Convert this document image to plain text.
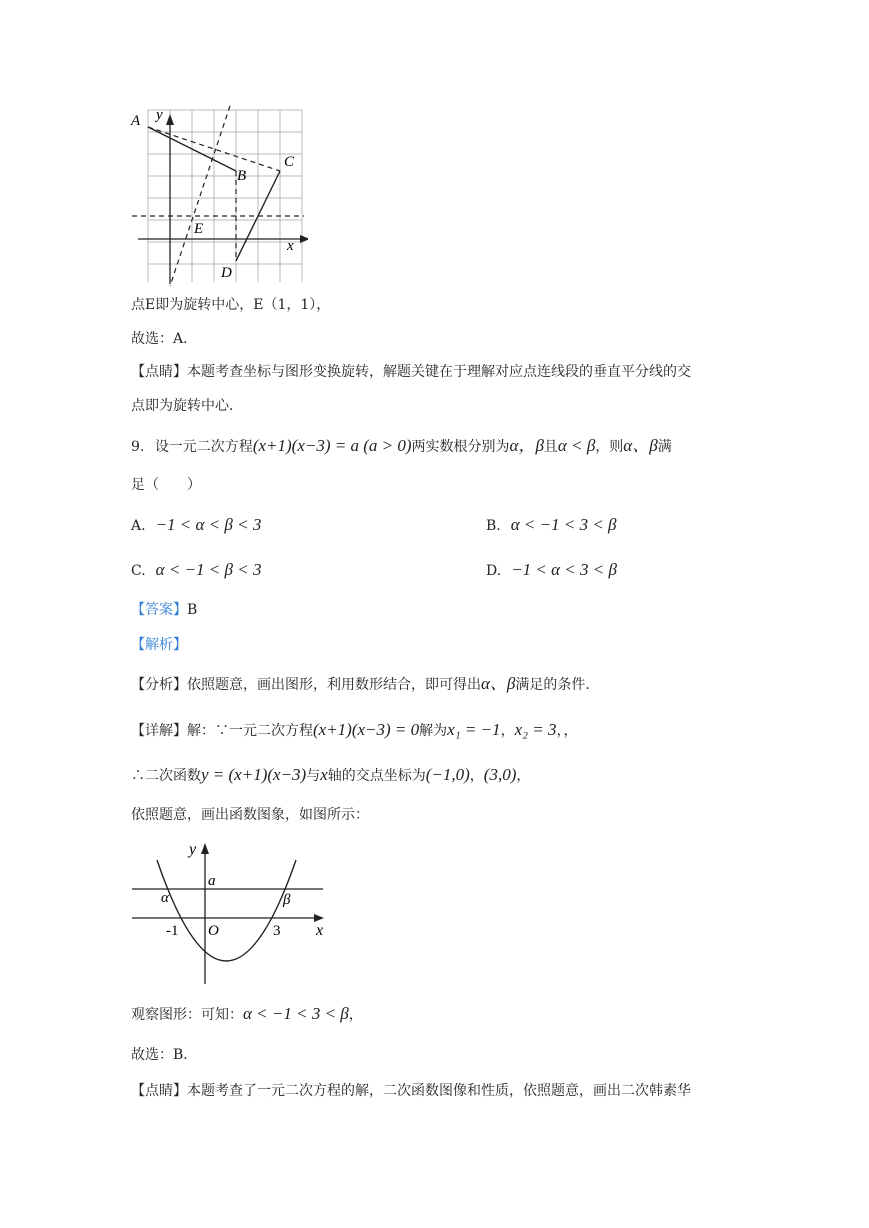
A y
C
B
E
x
D
点E即为旋转中心，E（1，1），
故选：A．
【点睛】本题考查坐标与图形变换旋转，解题关键在于理解对应点连线段的垂直平分线的交
点即为旋转中心．
9. 设一元二次方程(x+1)(x−3) = a (a > 0)两实数根分别为α，β且α < β，则α、β满
足（　　）
A. −1 < α < β < 3	B. α < −1 < 3 < β
C. α < −1 < β < 3	D. −1 < α < 3 < β
【答案】B
【解析】
【分析】依照题意，画出图形，利用数形结合，即可得出α、β满足的条件．
【详解】解：∵一元二次方程(x+1)(x−3) = 0解为x₁ = −1，x₂ = 3，，
∴二次函数y = (x+1)(x−3)与x轴的交点坐标为(−1,0)，(3,0)，
依照题意，画出函数图象，如图所示：
y
a
α	β
-1 O	3 x
观察图形：可知：α < −1 < 3 < β，
故选：B．
【点睛】本题考查了一元二次方程的解，二次函数图像和性质，依照题意，画出二次韩素华
